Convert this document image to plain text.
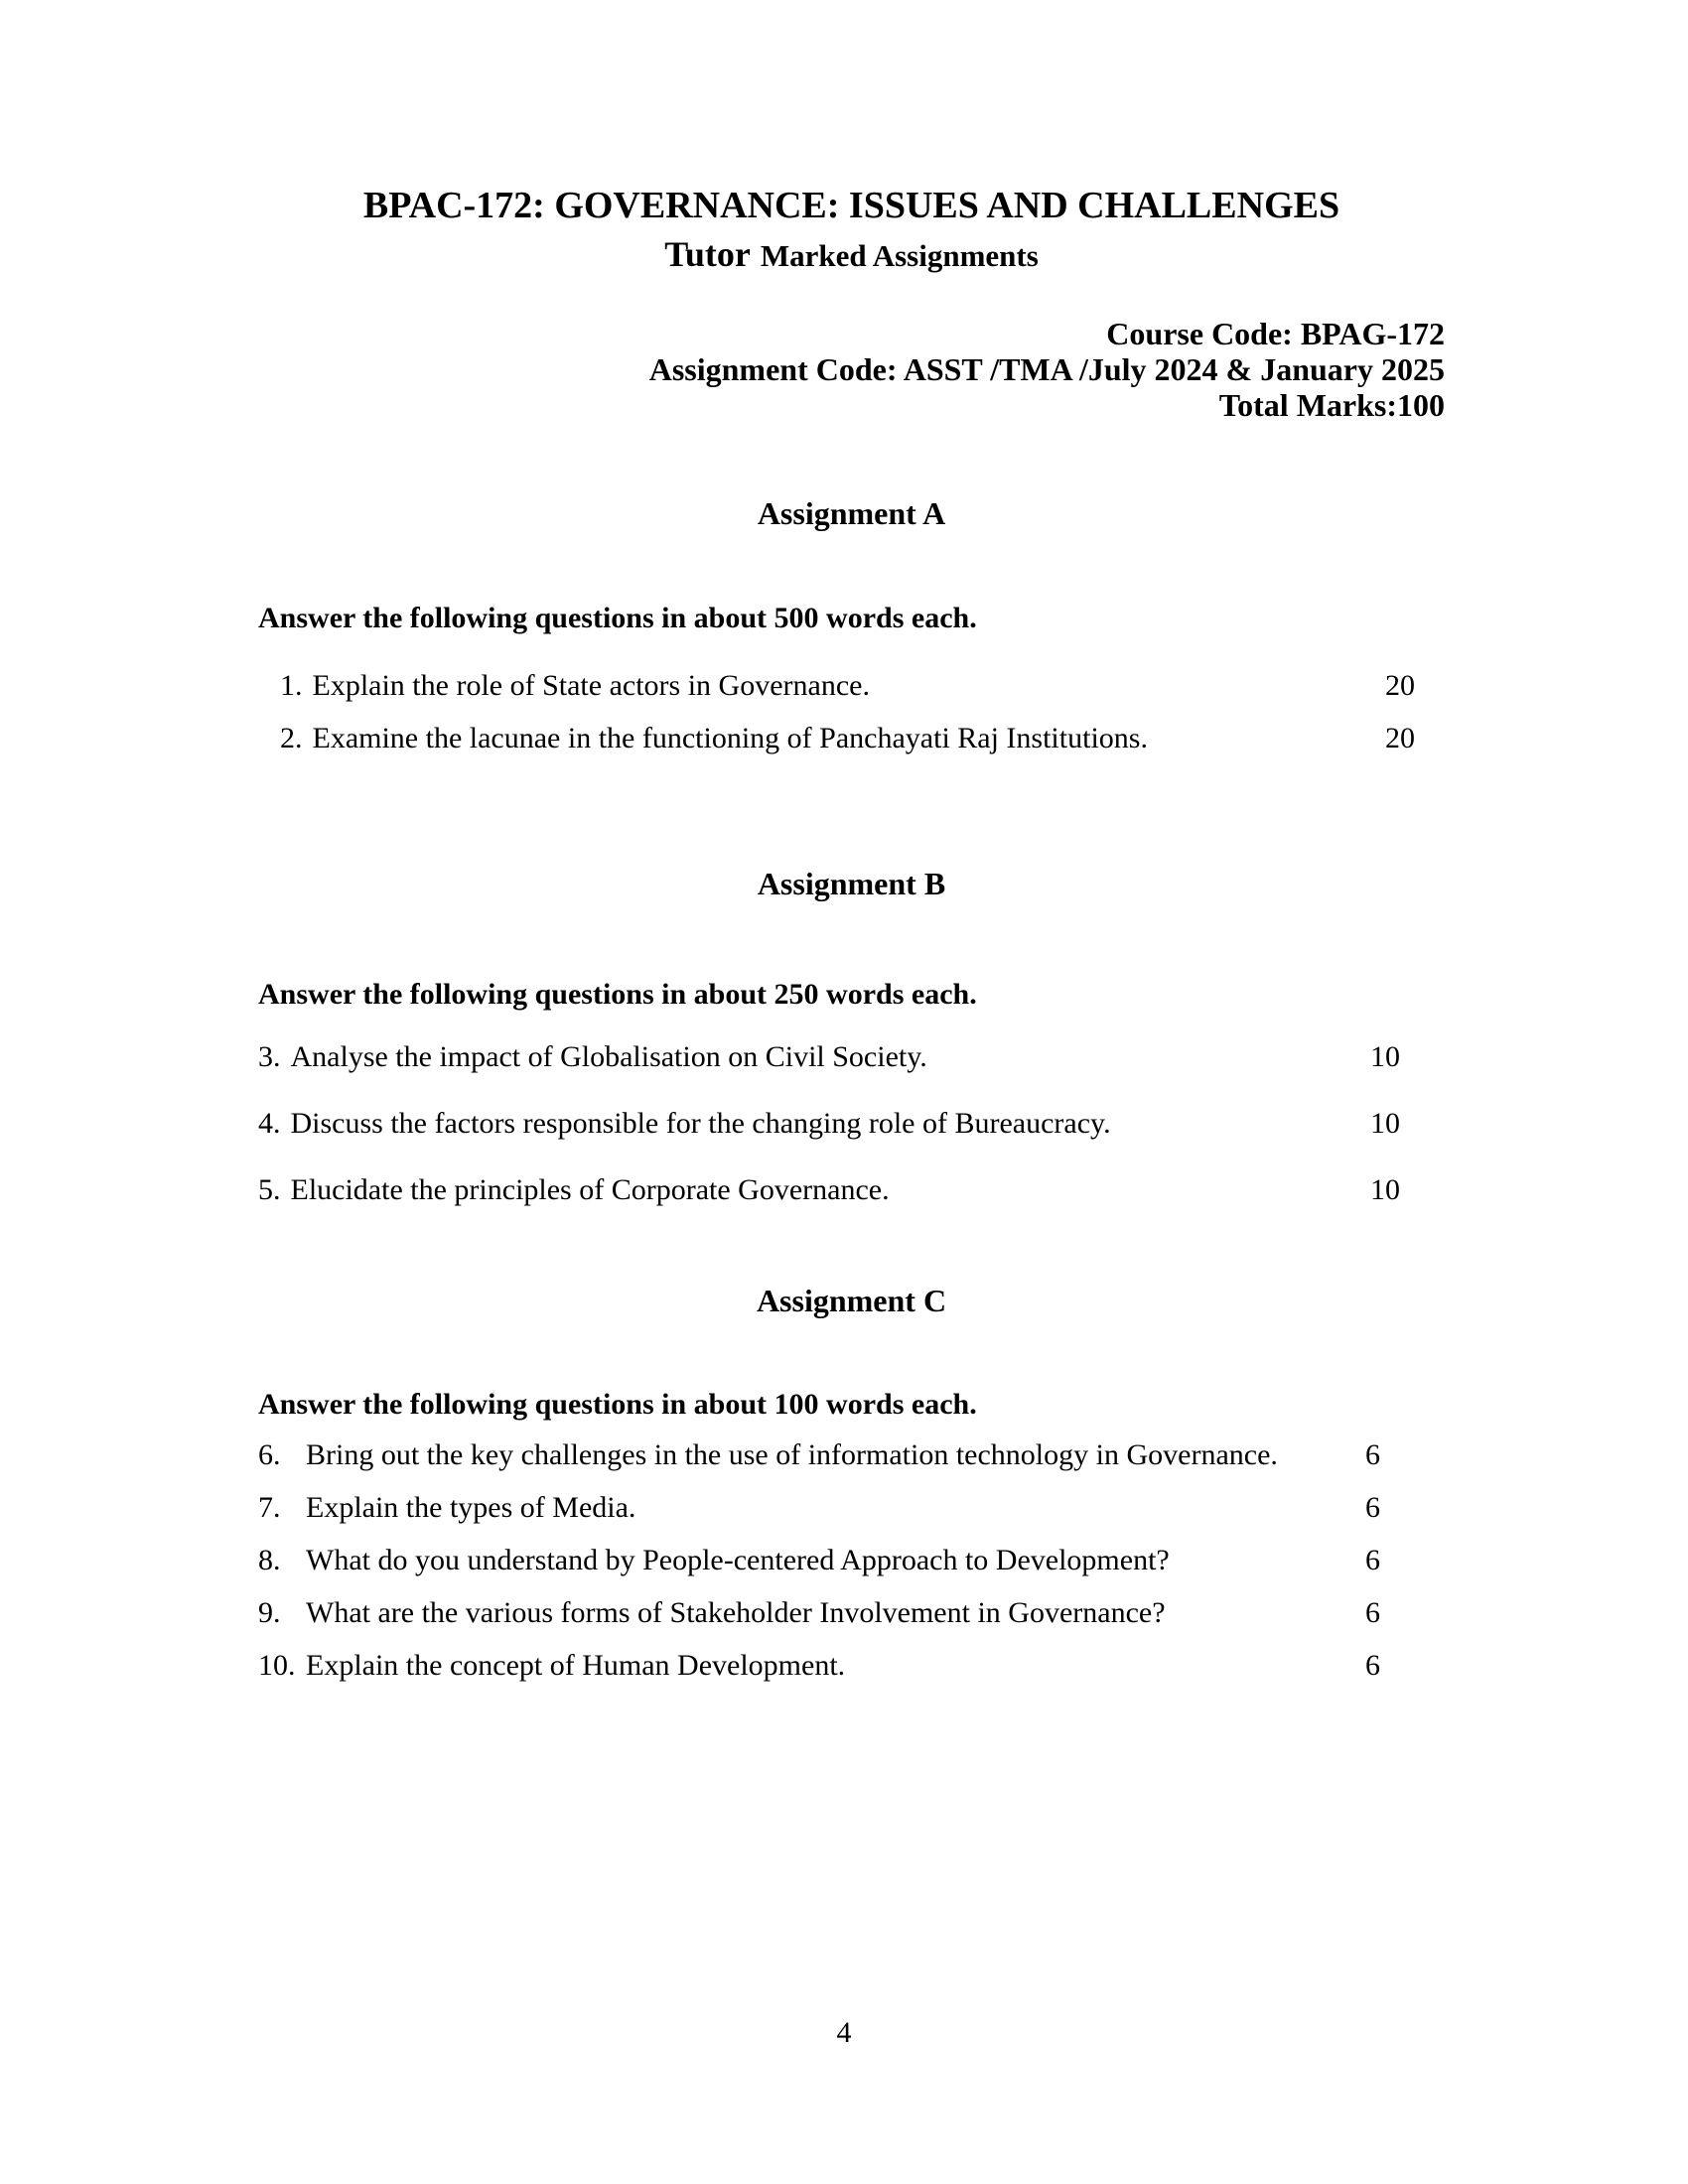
BPAC-172: GOVERNANCE: ISSUES AND CHALLENGES
Tutor Marked Assignments
Course Code: BPAG-172
Assignment Code: ASST /TMA /July 2024 & January 2025
Total Marks:100
Assignment A

Answer the following questions in about 500 words each.

1. Explain the role of State actors in Governance.	20
2. Examine the lacunae in the functioning of Panchayati Raj Institutions.	20
Assignment B

Answer the following questions in about 250 words each.

3. Analyse the impact of Globalisation on Civil Society.	10
4. Discuss the factors responsible for the changing role of Bureaucracy.	10
5. Elucidate the principles of Corporate Governance.	10
Assignment C

Answer the following questions in about 100 words each.

6. Bring out the key challenges in the use of information technology in Governance.	6
7. Explain the types of Media.	6
8. What do you understand by People-centered Approach to Development?	6
9. What are the various forms of Stakeholder Involvement in Governance?	6
10. Explain the concept of Human Development.	6
4
